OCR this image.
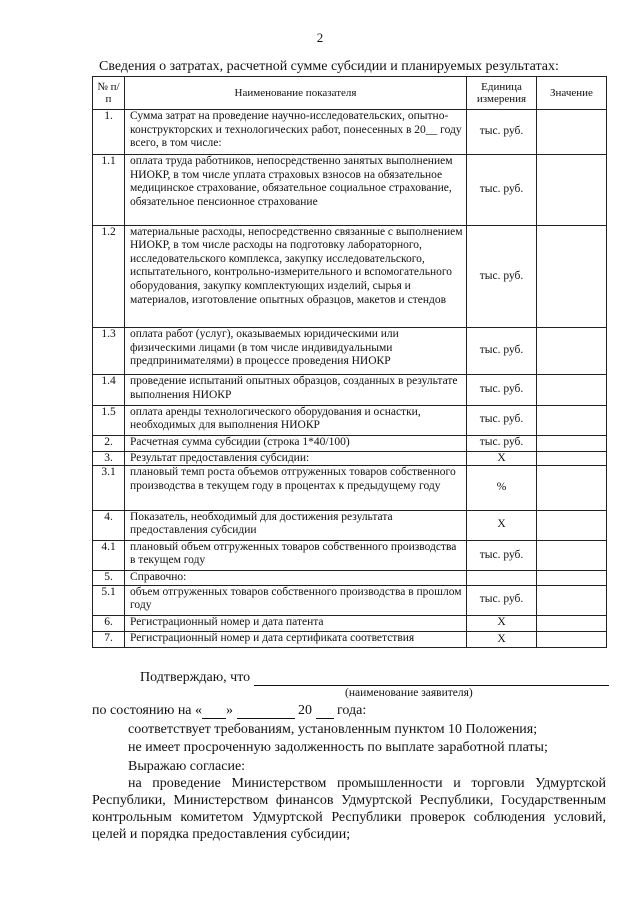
2
Сведения о затратах, расчетной сумме субсидии и планируемых результатах:
№ п/п	Наименование показателя	Единица измерения	Значение
1.	Сумма затрат на проведение научно-исследовательских, опытно-конструкторских и технологических работ, понесенных в 20__ году всего, в том числе:	тыс. руб.	
1.1	оплата труда работников, непосредственно занятых выполнением НИОКР, в том числе уплата страховых взносов на обязательное медицинское страхование, обязательное социальное страхование, обязательное пенсионное страхование	тыс. руб.	
1.2	материальные расходы, непосредственно связанные с выполнением НИОКР, в том числе расходы на подготовку лабораторного, исследовательского комплекса, закупку исследовательского, испытательного, контрольно-измерительного и вспомогательного оборудования, закупку комплектующих изделий, сырья и материалов, изготовление опытных образцов, макетов и стендов	тыс. руб.	
1.3	оплата работ (услуг), оказываемых юридическими или физическими лицами (в том числе индивидуальными предпринимателями) в процессе проведения НИОКР	тыс. руб.	
1.4	проведение испытаний опытных образцов, созданных в результате выполнения НИОКР	тыс. руб.	
1.5	оплата аренды технологического оборудования и оснастки, необходимых для выполнения НИОКР	тыс. руб.	
2.	Расчетная сумма субсидии (строка 1*40/100)	тыс. руб.	
3.	Результат предоставления субсидии:	X	
3.1	плановый темп роста объемов отгруженных товаров собственного производства в текущем году в процентах к предыдущему году	%	
4.	Показатель, необходимый для достижения результата предоставления субсидии	X	
4.1	плановый объем отгруженных товаров собственного производства в текущем году	тыс. руб.	
5.	Справочно:		
5.1	объем отгруженных товаров собственного производства в прошлом году	тыс. руб.	
6.	Регистрационный номер и дата патента	X	
7.	Регистрационный номер и дата сертификата соответствия	X	
Подтверждаю, что
(наименование заявителя)
по состоянию на « »	20 года:
соответствует требованиям, установленным пунктом 10 Положения;
не имеет просроченную задолженность по выплате заработной платы;
Выражаю согласие:
на проведение Министерством промышленности и торговли Удмуртской Республики, Министерством финансов Удмуртской Республики, Государственным контрольным комитетом Удмуртской Республики проверок соблюдения условий, целей и порядка предоставления субсидии;
